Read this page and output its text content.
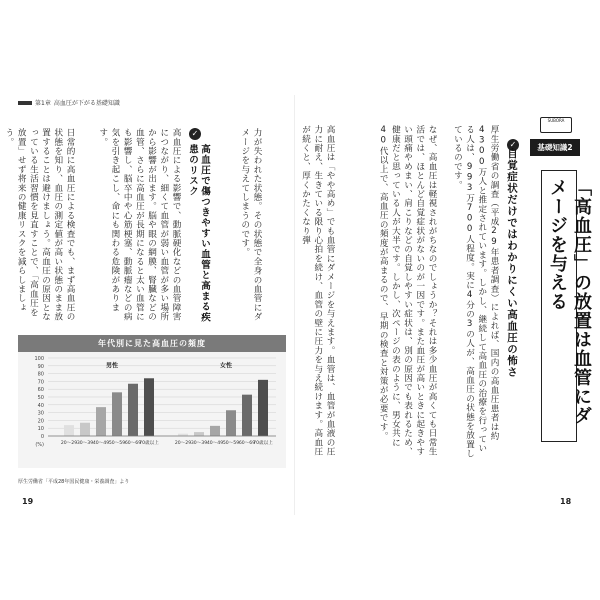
第1章 高血圧が下がる基礎知識
力が失われた状態。その状態で全身の血管にダメージを与えてしまうのです。
✓
高血圧で傷つきやすい血管と高まる疾患のリスク
高血圧による影響で、動脈硬化などの血管障害につながり、細くて血管が弱い血管が多い場所から影響が出ます。脳や眼の網膜、腎臓などの血管、さらに高血圧が長期になると太い血管にも影響し、脳卒中や心筋梗塞、動脈瘤などの病気を引き起こし、命にも関わる危険があります。
日常的に高血圧による検査でも、まず高血圧の状態を知り、血圧の測定値が高い状態のまま放置することは避けましょう。高血圧の原因となっている生活習慣を見直すことで、「高血圧を放置」せず将来の健康リスクを減らしましょう。
年代別に見た高血圧の頻度
0
10
20
30
40
50
60
70
80
90
100
(%)
男性
20～29 30～39 40～49 50～59 60～69
70歳以上
女性
20～29 30～39 40～49 50～59 60～69
70歳以上
厚生労働省「平成28年国民健康・栄養調査」より
19	18
SUBORA
基礎知識2
「高血圧」の放置は血管にダメージを与える
✓
自覚症状だけではわかりにくい高血圧の怖さ
厚生労働省の調査（平成29年患者調査）によれば、国内の高血圧患者は約4300万人と推定されています。しかし、継続して高血圧の治療を行っている人は、993万700人程度。実に4分の3の人が、高血圧の状態を放置しているのです。
なぜ、高血圧は軽視されがちなのでしょうか？それは多少血圧が高くても日常生活では、ほとんど自覚症状がないのが一因です。また血圧が高いときに起きやすい頭痛やめまい、肩こりなどの自覚しやすい症状は、別の原因でも表れるため、健康だと思っている人が大半です。しかし、次ページの表のように、男女共に40代以上で、高血圧の頻度が高まるので、早期の検査と対策が必要です。
高血圧は「やや高め」でも血管にダメージを与えます。血管は、血管が血液の圧力に耐え、生きている限り心拍を続け、血管の壁に圧力を与え続けます。高血圧が続くと、厚くかたくなり弾
